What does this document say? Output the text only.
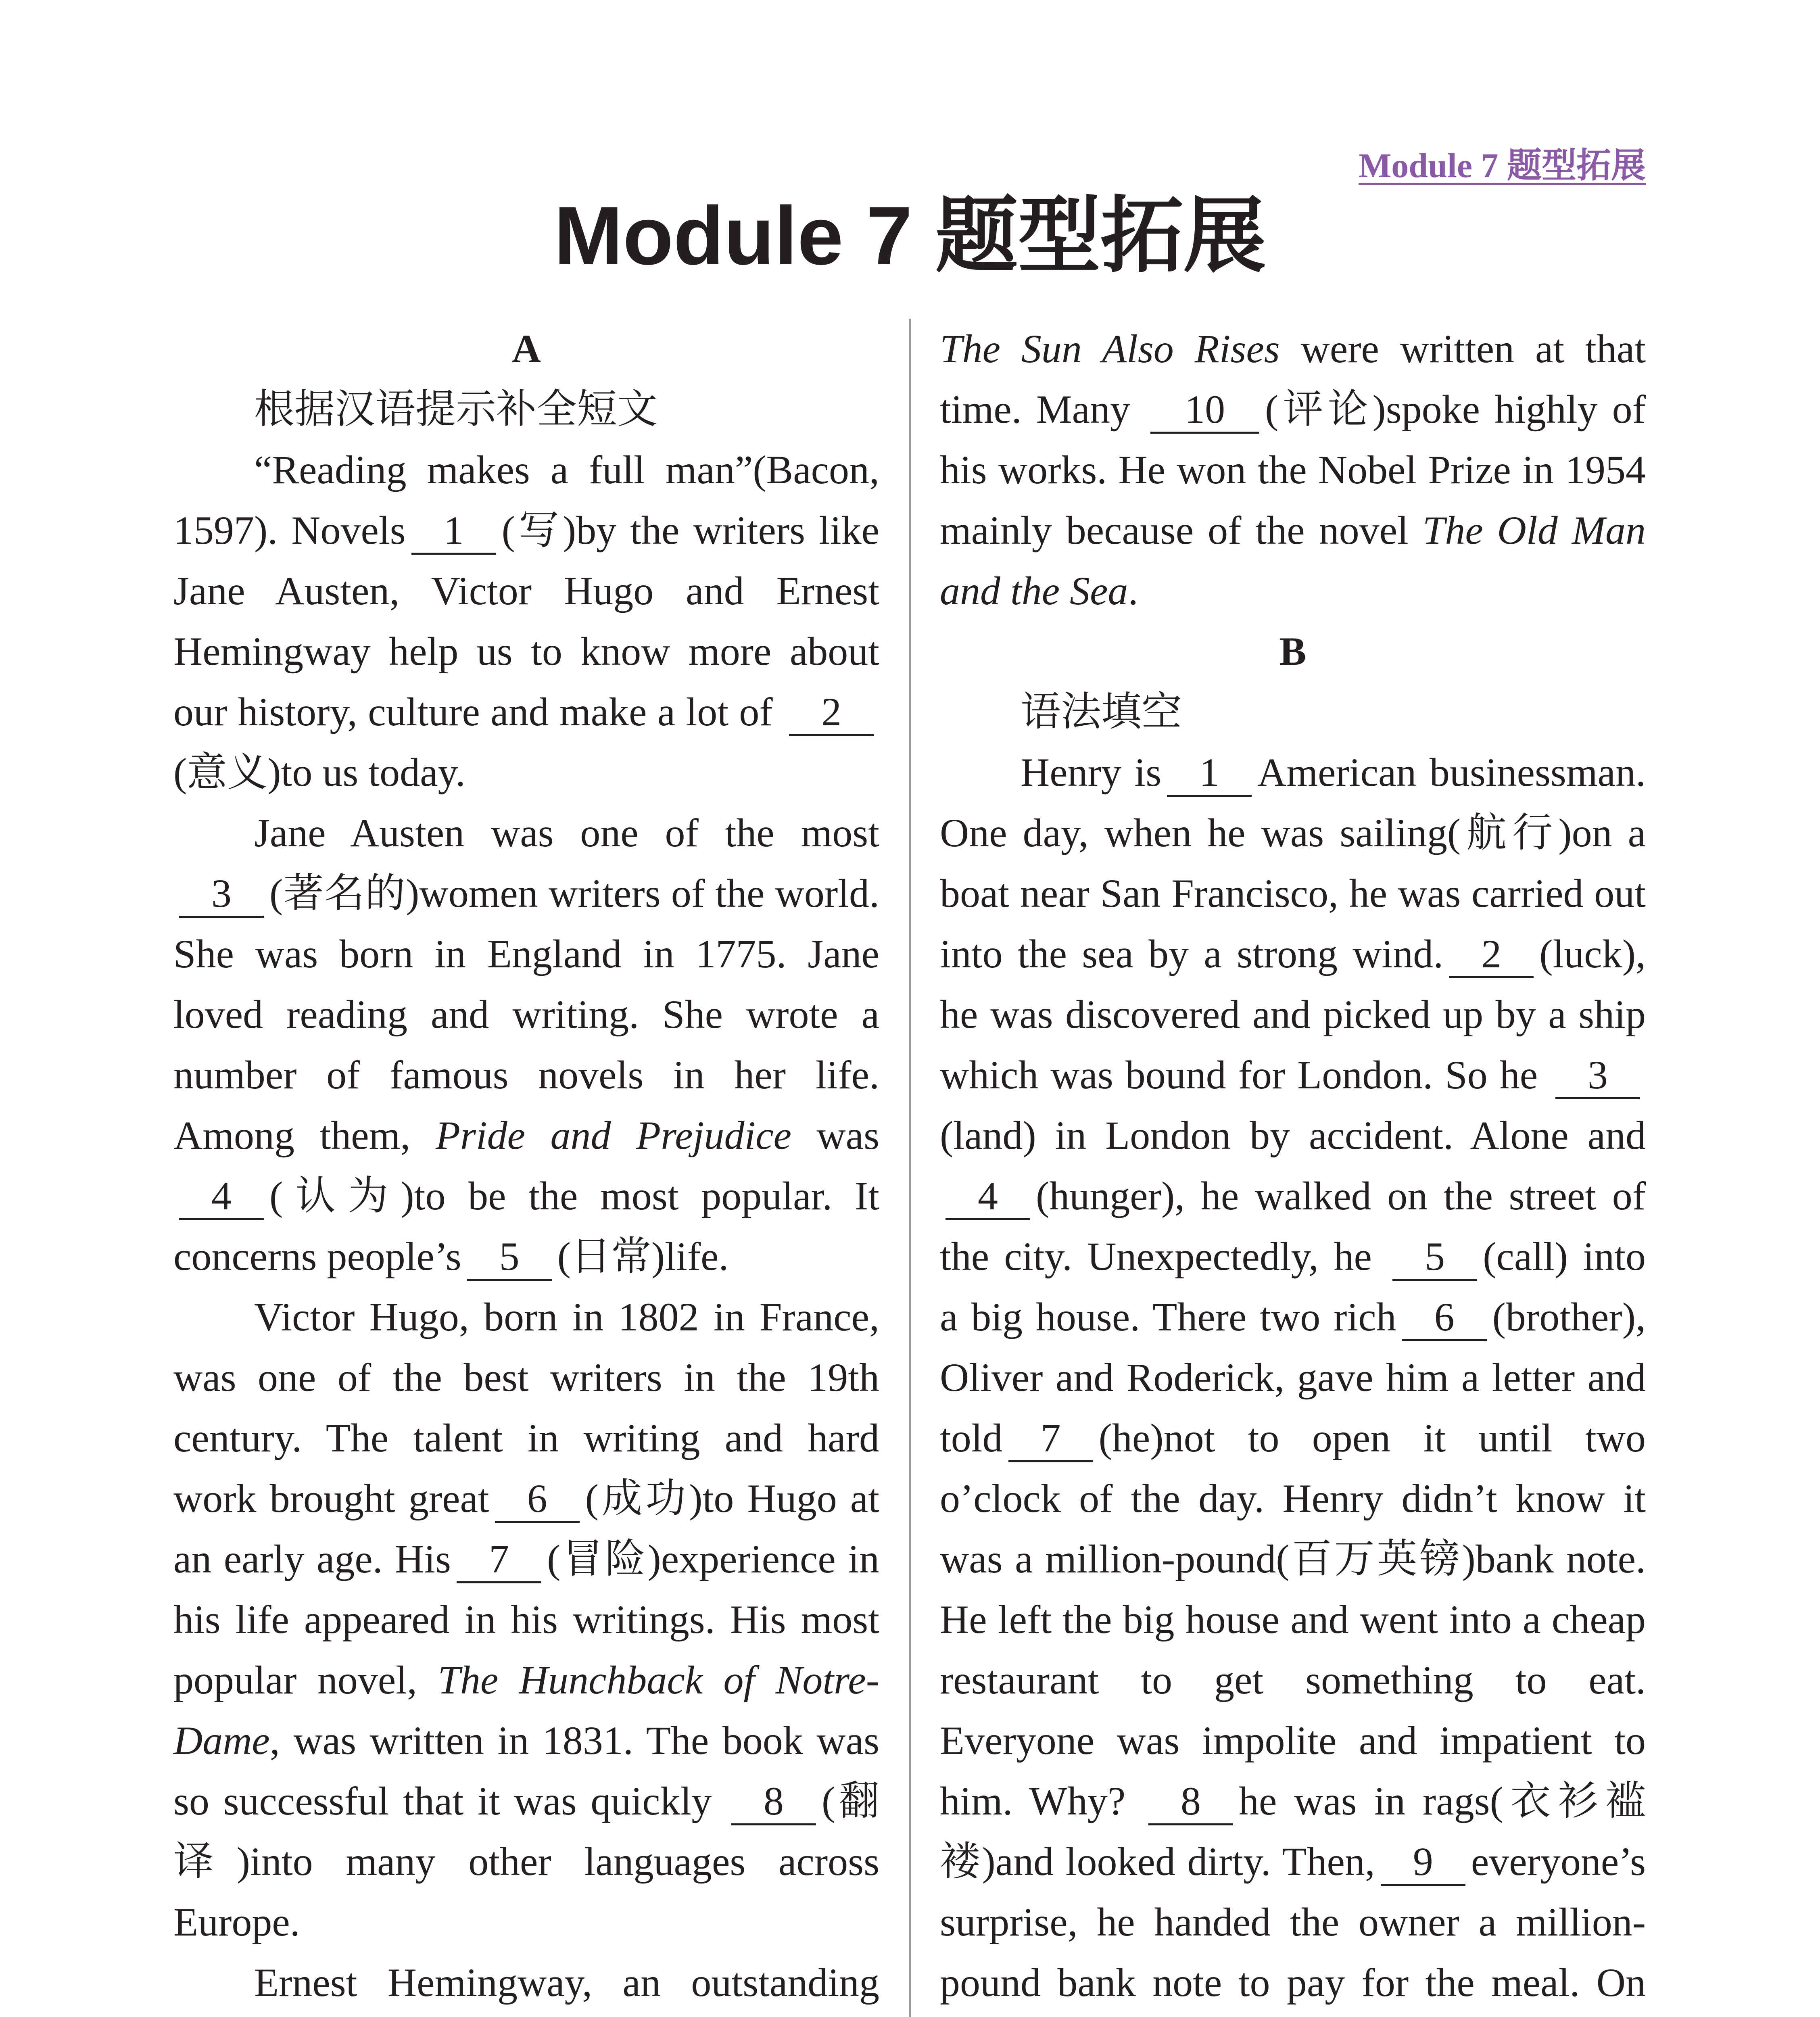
Module 7 题型拓展
Module 7 题型拓展

A

根据汉语提示补全短文

“Reading makes a full man”(Bacon, 1597). Novels 1 (写)by the writers like Jane Austen, Victor Hugo and Ernest Hemingway help us to know more about our history, culture and make a lot of 2(意义)to us today.

Jane Austen was one of the most 3 (著名的)women writers of the world. She was born in England in 1775. Jane loved reading and writing. She wrote a number of famous novels in her life. Among them, Pride and Prejudice was 4 (认为)to be the most popular. It concerns people’s 5 (日常)life.

Victor Hugo, born in 1802 in France, was one of the best writers in the 19th century. The talent in writing and hard work brought great 6 (成功)to Hugo at an early age. His 7 (冒险)experience in his life appeared in his writings. His most popular novel, The Hunchback of Notre-Dame, was written in 1831. The book was so successful that it was quickly 8 (翻译)into many other languages across Europe.

Ernest Hemingway, an outstanding

The Sun Also Rises were written at that time. Many 10 (评论)spoke highly of his works. He won the Nobel Prize in 1954 mainly because of the novel The Old Man and the Sea.

B

语法填空

Henry is 1 American businessman. One day, when he was sailing(航行)on a boat near San Francisco, he was carried out into the sea by a strong wind. 2 (luck), he was discovered and picked up by a ship which was bound for London. So he 3(land) in London by accident. Alone and4 (hunger), he walked on the street of the city. Unexpectedly, he 5 (call) into a big house. There two rich 6 (brother), Oliver and Roderick, gave him a letter and told 7 (he)not to open it until two o’clock of the day. Henry didn’t know it was a million-pound(百万英镑)bank note. He left the big house and went into a cheap restaurant to get something to eat. Everyone was impolite and impatient to him. Why? 8 he was in rags(衣衫褴褛)and looked dirty. Then, 9 everyone’s surprise, he handed the owner a million-pound bank note to pay for the meal. On
